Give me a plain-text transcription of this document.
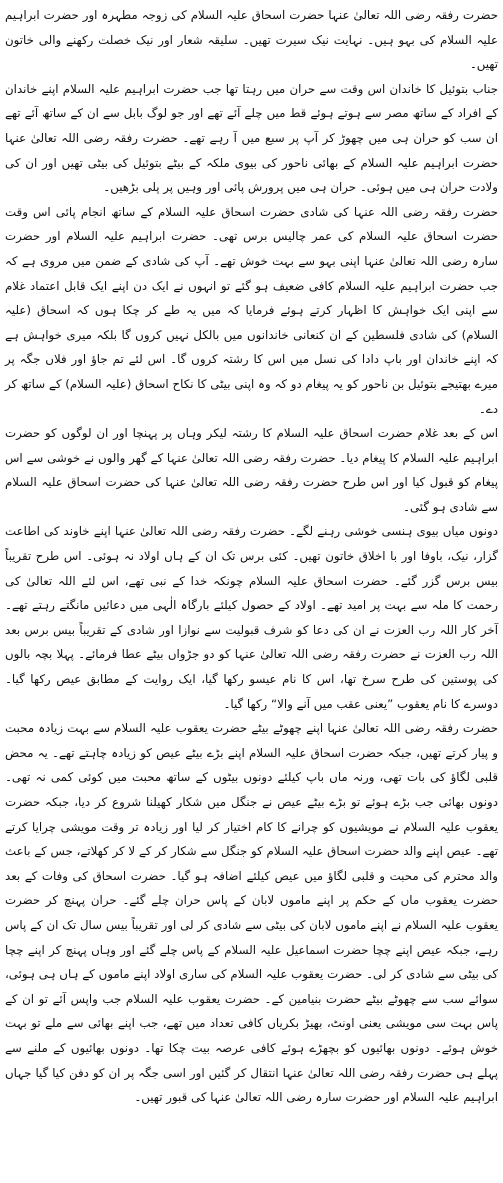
حضرت رفقہ رضی اللہ تعالیٰ عنہا حضرت اسحاق علیہ السلام کی زوجہ مطہرہ اور حضرت ابراہیم علیہ السلام کی بہو ہیں۔ نہایت نیک سیرت تھیں۔ سلیقہ شعار اور نیک خصلت رکھنے والی خاتون تھیں۔

جناب بتوئیل کا خاندان اس وقت سے حران میں رہتا تھا جب حضرت ابراہیم علیہ السلام اپنے خاندان کے افراد کے ساتھ مصر سے ہوتے ہوئے قط میں چلے آئے تھے اور جو لوگ بابل سے ان کے ساتھ آئے تھے ان سب کو حران ہی میں چھوڑ کر آپ پر سبع میں آ رہے تھے۔ حضرت رفقہ رضی اللہ تعالیٰ عنہا حضرت ابراہیم علیہ السلام کے بھائی ناحور کی بیوی ملکہ کے بیٹے بتوئیل کی بیٹی تھیں اور ان کی ولادت حران ہی میں ہوئی۔ حران ہی میں پرورش پائی اور وہیں پر پلی بڑھیں۔

حضرت رفقہ رضی اللہ عنہا کی شادی حضرت اسحاق علیہ السلام کے ساتھ انجام پائی اس وقت حضرت اسحاق علیہ السلام کی عمر چالیس برس تھی۔ حضرت ابراہیم علیہ السلام اور حضرت سارہ رضی اللہ تعالیٰ عنہا اپنی بہو سے بہت خوش تھے۔ آپ کی شادی کے ضمن میں مروی ہے کہ جب حضرت ابراہیم علیہ السلام کافی ضعیف ہو گئے تو انہوں نے ایک دن اپنے ایک قابل اعتماد غلام سے اپنی ایک خواہش کا اظہار کرتے ہوئے فرمایا کہ میں یہ طے کر چکا ہوں کہ اسحاق (علیہ السلام) کی شادی فلسطین کے ان کنعانی خاندانوں میں بالکل نہیں کروں گا بلکہ میری خواہش ہے کہ اپنے خاندان اور باپ دادا کی نسل میں اس کا رشتہ کروں گا۔ اس لئے تم جاؤ اور فلاں جگہ پر میرے بھتیجے بتوئیل بن ناحور کو یہ پیغام دو کہ وہ اپنی بیٹی کا نکاح اسحاق (علیہ السلام) کے ساتھ کر دے۔

اس کے بعد غلام حضرت اسحاق علیہ السلام کا رشتہ لیکر وہاں پر پہنچا اور ان لوگوں کو حضرت ابراہیم علیہ السلام کا پیغام دیا۔ حضرت رفقہ رضی اللہ تعالیٰ عنہا کے گھر والوں نے خوشی سے اس پیغام کو قبول کیا اور اس طرح حضرت رفقہ رضی اللہ تعالیٰ عنہا کی حضرت اسحاق علیہ السلام سے شادی ہو گئی۔

دونوں میاں بیوی ہنسی خوشی رہنے لگے۔ حضرت رفقہ رضی اللہ تعالیٰ عنہا اپنے خاوند کی اطاعت گزار، نیک، باوفا اور با اخلاق خاتون تھیں۔ کئی برس تک ان کے ہاں اولاد نہ ہوئی۔ اس طرح تقریباً بیس برس گزر گئے۔ حضرت اسحاق علیہ السلام چونکہ خدا کے نبی تھے، اس لئے اللہ تعالیٰ کی رحمت کا ملہ سے بہت پر امید تھے۔ اولاد کے حصول کیلئے بارگاہ الٰہی میں دعائیں مانگتے رہتے تھے۔ آخر کار اللہ رب العزت نے ان کی دعا کو شرف قبولیت سے نوازا اور شادی کے تقریباً بیس برس بعد اللہ رب العزت نے حضرت رفقہ رضی اللہ تعالیٰ عنہا کو دو جڑواں بیٹے عطا فرمائے۔ پہلا بچہ بالوں کی پوستین کی طرح سرخ تھا، اس کا نام عیسو رکھا گیا، ایک روایت کے مطابق عیص رکھا گیا۔ دوسرے کا نام یعقوب ”یعنی عقب میں آنے والا“ رکھا گیا۔

حضرت رفقہ رضی اللہ تعالیٰ عنہا اپنے چھوٹے بیٹے حضرت یعقوب علیہ السلام سے بہت زیادہ محبت و پیار کرتے تھیں، جبکہ حضرت اسحاق علیہ السلام اپنے بڑے بیٹے عیص کو زیادہ چاہتے تھے۔ یہ محض قلبی لگاؤ کی بات تھی، ورنہ ماں باپ کیلئے دونوں بیٹوں کے ساتھ محبت میں کوئی کمی نہ تھی۔ دونوں بھائی جب بڑے ہوئے تو بڑے بیٹے عیص نے جنگل میں شکار کھیلنا شروع کر دیا، جبکہ حضرت یعقوب علیہ السلام نے مویشیوں کو چرانے کا کام اختیار کر لیا اور زیادہ تر وقت مویشی چرایا کرتے تھے۔ عیص اپنے والد حضرت اسحاق علیہ السلام کو جنگل سے شکار کر کے لا کر کھلاتے، جس کے باعث والد محترم کی محبت و قلبی لگاؤ میں عیص کیلئے اضافہ ہو گیا۔ حضرت اسحاق کی وفات کے بعد حضرت یعقوب ماں کے حکم پر اپنے ماموں لابان کے پاس حران چلے گئے۔ حران پہنچ کر حضرت یعقوب علیہ السلام نے اپنے ماموں لابان کی بیٹی سے شادی کر لی اور تقریباً بیس سال تک ان کے پاس رہے، جبکہ عیص اپنے چچا حضرت اسماعیل علیہ السلام کے پاس چلے گئے اور وہاں پہنچ کر اپنے چچا کی بیٹی سے شادی کر لی۔ حضرت یعقوب علیہ السلام کی ساری اولاد اپنے ماموں کے ہاں ہی ہوئی، سوائے سب سے چھوٹے بیٹے حضرت بنیامین کے۔ حضرت یعقوب علیہ السلام جب واپس آئے تو ان کے پاس بہت سی مویشی یعنی اونٹ، بھیڑ بکریاں کافی تعداد میں تھے، جب اپنے بھائی سے ملے تو بہت خوش ہوئے۔ دونوں بھائیوں کو بچھڑے ہوئے کافی عرصہ بیت چکا تھا۔ دونوں بھائیوں کے ملنے سے پہلے ہی حضرت رفقہ رضی اللہ تعالیٰ عنہا انتقال کر گئیں اور اسی جگہ پر ان کو دفن کیا گیا جہاں ابراہیم علیہ السلام اور حضرت سارہ رضی اللہ تعالیٰ عنہا کی قبور تھیں۔
